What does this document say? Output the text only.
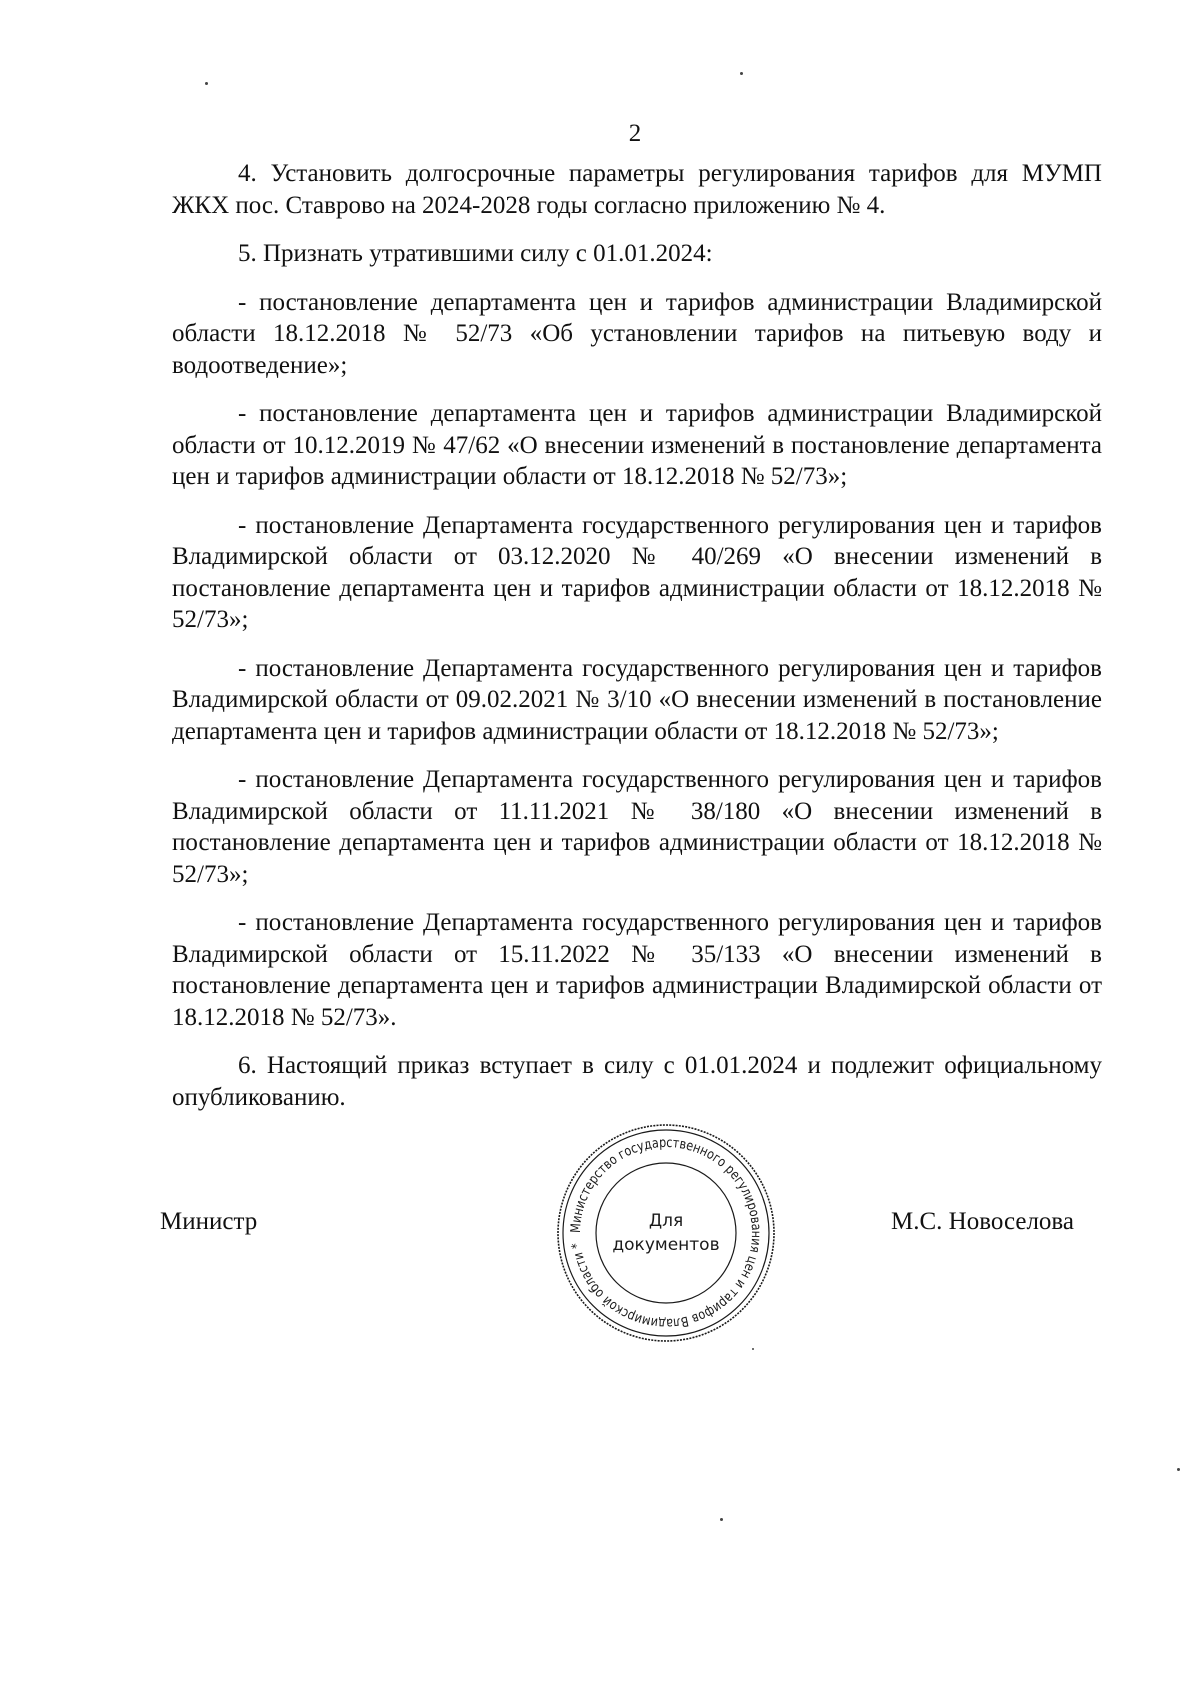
2

4. Установить долгосрочные параметры регулирования тарифов для МУМП ЖКХ пос. Ставрово на 2024-2028 годы согласно приложению № 4.

5. Признать утратившими силу с 01.01.2024:

- постановление департамента цен и тарифов администрации Владимирской области 18.12.2018 № 52/73 «Об установлении тарифов на питьевую воду и водоотведение»;

- постановление департамента цен и тарифов администрации Владимирской области от 10.12.2019 № 47/62 «О внесении изменений в постановление департамента цен и тарифов администрации области от 18.12.2018 № 52/73»;

- постановление Департамента государственного регулирования цен и тарифов Владимирской области от 03.12.2020 № 40/269 «О внесении изменений в постановление департамента цен и тарифов администрации области от 18.12.2018 № 52/73»;

- постановление Департамента государственного регулирования цен и тарифов Владимирской области от 09.02.2021 № 3/10 «О внесении изменений в постановление департамента цен и тарифов администрации области от 18.12.2018 № 52/73»;

- постановление Департамента государственного регулирования цен и тарифов Владимирской области от 11.11.2021 № 38/180 «О внесении изменений в постановление департамента цен и тарифов администрации области от 18.12.2018 № 52/73»;

- постановление Департамента государственного регулирования цен и тарифов Владимирской области от 15.11.2022 № 35/133 «О внесении изменений в постановление департамента цен и тарифов администрации Владимирской области от 18.12.2018 № 52/73».

6. Настоящий приказ вступает в силу с 01.01.2024 и подлежит официальному опубликованию.

Министр	М.С. Новоселова
Министерство государственного регулирования цен и тарифов Владимирской области *
Для
документов
